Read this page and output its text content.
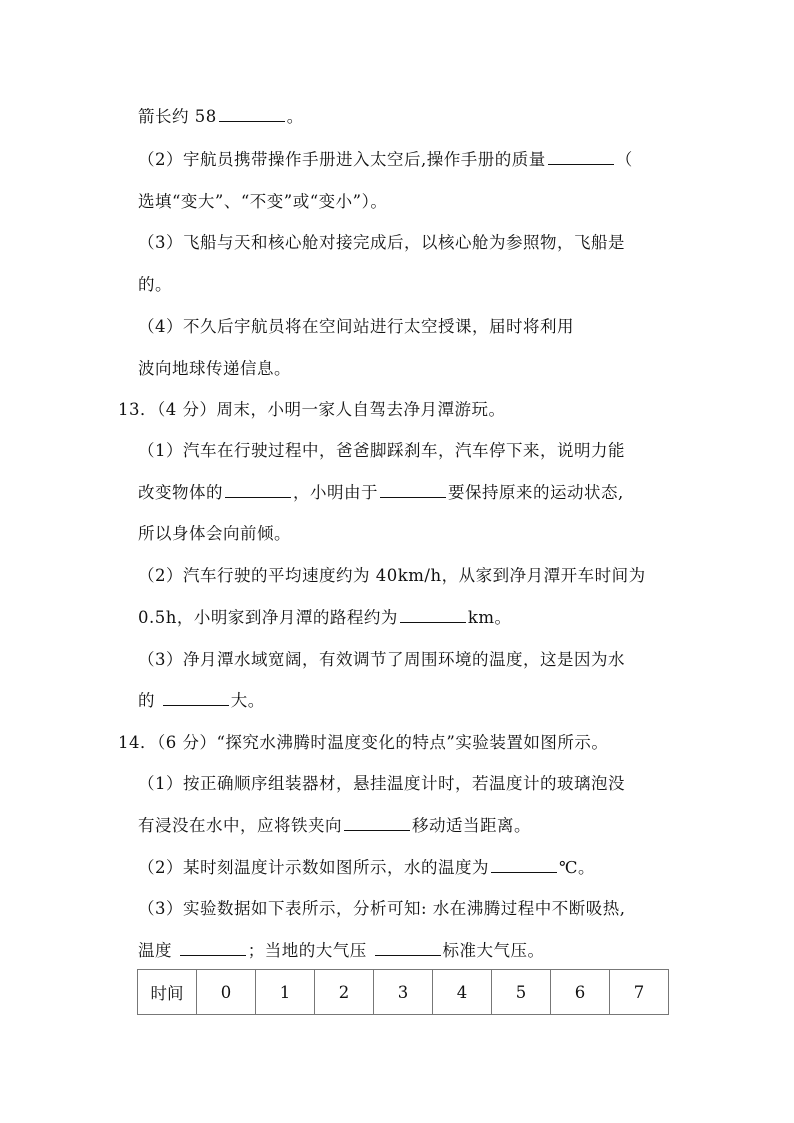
箭长约 58	。
（2）宇航员携带操作手册进入太空后,操作手册的质量	（
选填“变大”、“不变”或“变小”）。
（3）飞船与天和核心舱对接完成后，以核心舱为参照物，飞船是
的。
（4）不久后宇航员将在空间站进行太空授课，届时将利用
波向地球传递信息。
13．（4 分）周末，小明一家人自驾去净月潭游玩。
（1）汽车在行驶过程中，爸爸脚踩刹车，汽车停下来，说明力能
改变物体的	，小明由于	要保持原来的运动状态,
所以身体会向前倾。
（2）汽车行驶的平均速度约为 40km/h，从家到净月潭开车时间为
0.5h，小明家到净月潭的路程约为	km。
（3）净月潭水域宽阔，有效调节了周围环境的温度，这是因为水
的	大。
14．（6 分）“探究水沸腾时温度变化的特点”实验装置如图所示。
（1）按正确顺序组装器材，悬挂温度计时，若温度计的玻璃泡没
有浸没在水中，应将铁夹向	移动适当距离。
（2）某时刻温度计示数如图所示，水的温度为	℃。
（3）实验数据如下表所示，分析可知: 水在沸腾过程中不断吸热,
温度	；当地的大气压	标准大气压。
时间	0	1	2	3	4	5	6	7
